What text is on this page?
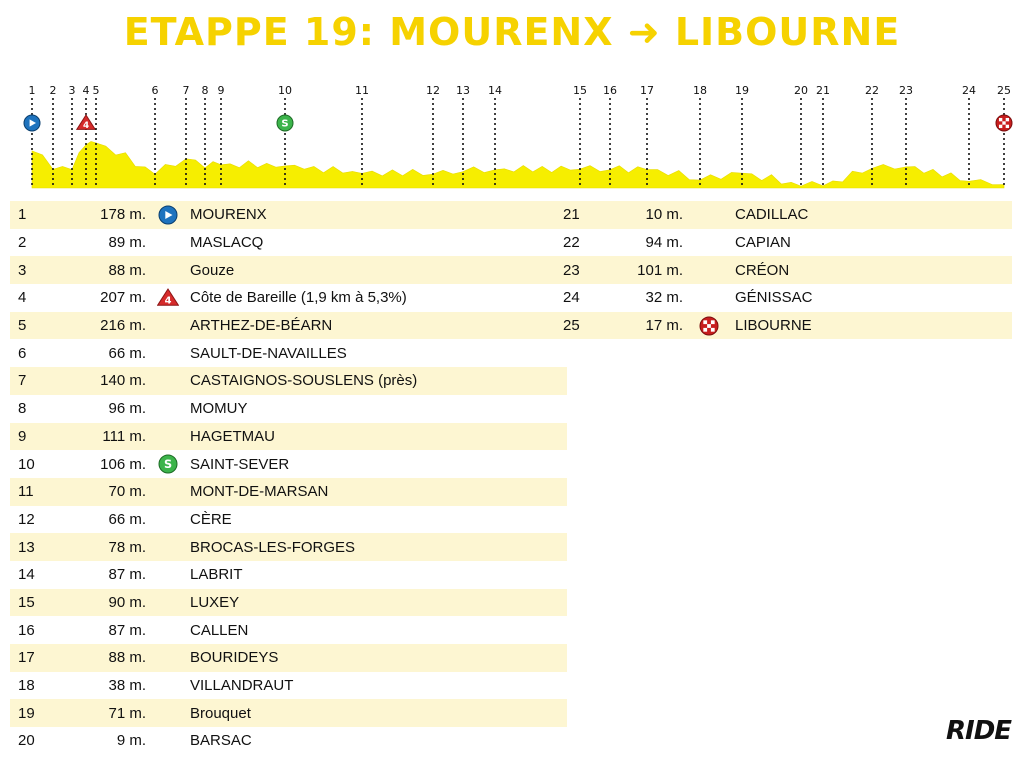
ETAPPE 19: MOURENX ➜ LIBOURNE
1 2 3 4
4
5	6 7 8 9	10
S
11	12 13 14	15 16 17	18	19	20 21	22 23	24 25
1	178 m.		MOURENX
2	89 m.		MASLACQ
3	88 m.		Gouze
4	207 m.	4	Côte de Bareille (1,9 km à 5,3%)
5	216 m.		ARTHEZ-DE-BÉARN
6	66 m.		SAULT-DE-NAVAILLES
7	140 m.		CASTAIGNOS-SOUSLENS (près)
8	96 m.		MOMUY
9	111 m.		HAGETMAU
10	106 m.	S	SAINT-SEVER
11	70 m.		MONT-DE-MARSAN
12	66 m.		CÈRE
13	78 m.		BROCAS-LES-FORGES
14	87 m.		LABRIT
15	90 m.		LUXEY
16	87 m.		CALLEN
17	88 m.		BOURIDEYS
18	38 m.		VILLANDRAUT
19	71 m.		Brouquet
20	9 m.		BARSAC
21	10 m.		CADILLAC
22	94 m.		CAPIAN
23	101 m.		CRÉON
24	32 m.		GÉNISSAC
25	17 m.		LIBOURNE
RIDE
